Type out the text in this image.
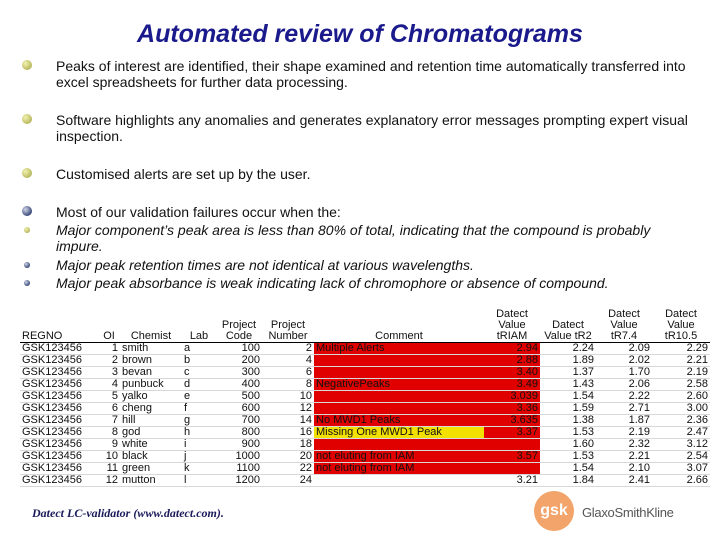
Automated review of Chromatograms
Peaks of interest are identified, their shape examined and retention time automatically transferred into excel spreadsheets for further data processing.
Software highlights any anomalies and generates explanatory error messages prompting expert visual inspection.
Customised alerts are set up by the user.
Most of our validation failures occur when the:
Major component’s peak area is less than 80% of total, indicating that the compound is probably impure.
Major peak retention times are not identical at various wavelengths.
Major peak absorbance is weak indicating lack of chromophore or absence of compound.
REGNO	OI	Chemist	Lab	Project Code	Project Number	Comment	Datect Value tRIAM	Datect Value tR2	Datect Value tR7.4	Datect Value tR10.5
GSK123456	1	smith	a	100	2	Multiple Alerts	2.94	2.24	2.09	2.29
GSK123456	2	brown	b	200	4		2.88	1.89	2.02	2.21
GSK123456	3	bevan	c	300	6		3.40	1.37	1.70	2.19
GSK123456	4	punbuck	d	400	8	NegativePeaks	3.49	1.43	2.06	2.58
GSK123456	5	yalko	e	500	10		3.039	1.54	2.22	2.60
GSK123456	6	cheng	f	600	12		3.36	1.59	2.71	3.00
GSK123456	7	hill	g	700	14	No MWD1 Peaks	3.635	1.38	1.87	2.36
GSK123456	8	god	h	800	16	Missing One MWD1 Peak	3.37	1.53	2.19	2.47
GSK123456	9	white	i	900	18			1.60	2.32	3.12
GSK123456	10	black	j	1000	20	not eluting from IAM	3.57	1.53	2.21	2.54
GSK123456	11	green	k	1100	22	not eluting from IAM		1.54	2.10	3.07
GSK123456	12	mutton	l	1200	24		3.21	1.84	2.41	2.66
Datect LC-validator (www.datect.com).	gsk	GlaxoSmithKline
